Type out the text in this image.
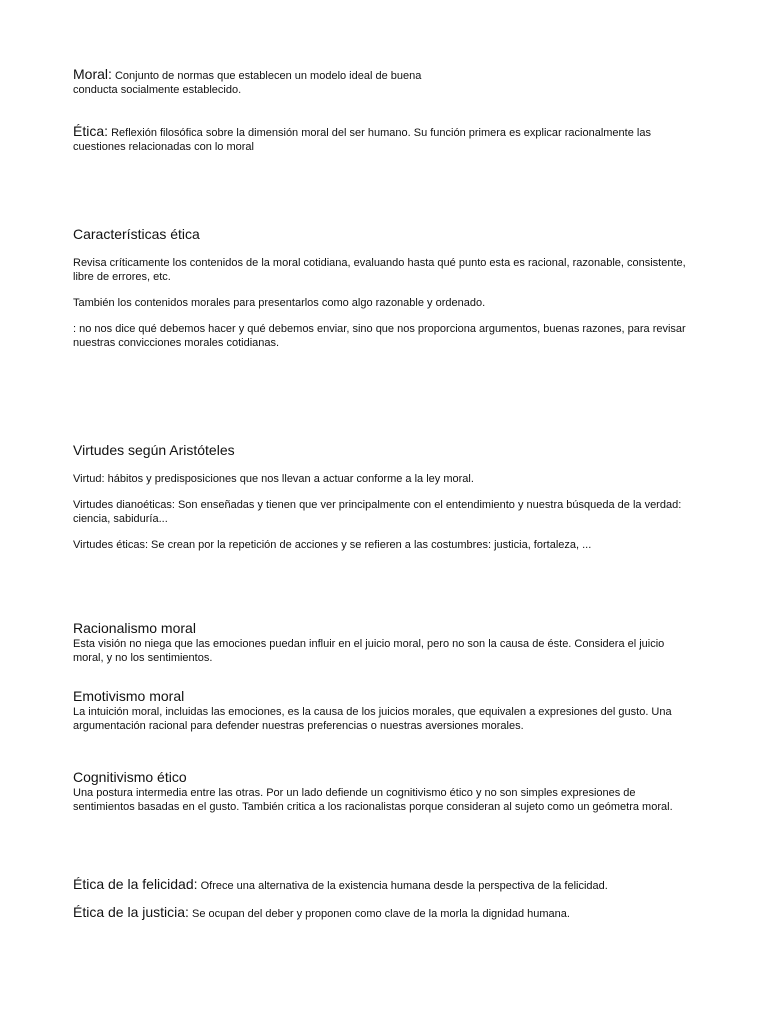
Moral: Conjunto de normas que establecen un modelo ideal de buena
conducta socialmente establecido.

Ética: Reflexión filosófica sobre la dimensión moral del ser humano. Su función primera es explicar racionalmente las cuestiones relacionadas con lo moral

Características ética

Revisa críticamente los contenidos de la moral cotidiana, evaluando hasta qué punto esta es racional, razonable, consistente, libre de errores, etc.

También los contenidos morales para presentarlos como algo razonable y ordenado.

: no nos dice qué debemos hacer y qué debemos enviar, sino que nos proporciona argumentos, buenas razones, para revisar nuestras convicciones morales cotidianas.

Virtudes según Aristóteles

Virtud: hábitos y predisposiciones que nos llevan a actuar conforme a la ley moral.

Virtudes dianoéticas: Son enseñadas y tienen que ver principalmente con el entendimiento y nuestra búsqueda de la verdad: ciencia, sabiduría...

Virtudes éticas: Se crean por la repetición de acciones y se refieren a las costumbres: justicia, fortaleza, ...

Racionalismo moral

Esta visión no niega que las emociones puedan influir en el juicio moral, pero no son la causa de éste. Considera el juicio moral, y no los sentimientos.

Emotivismo moral

La intuición moral, incluidas las emociones, es la causa de los juicios morales, que equivalen a expresiones del gusto. Una argumentación racional para defender nuestras preferencias o nuestras aversiones morales.

Cognitivismo ético

Una postura intermedia entre las otras. Por un lado defiende un cognitivismo ético y no son simples expresiones de sentimientos basadas en el gusto. También critica a los racionalistas porque consideran al sujeto como un geómetra moral.

Ética de la felicidad: Ofrece una alternativa de la existencia humana desde la perspectiva de la felicidad.

Ética de la justicia: Se ocupan del deber y proponen como clave de la morla la dignidad humana.
